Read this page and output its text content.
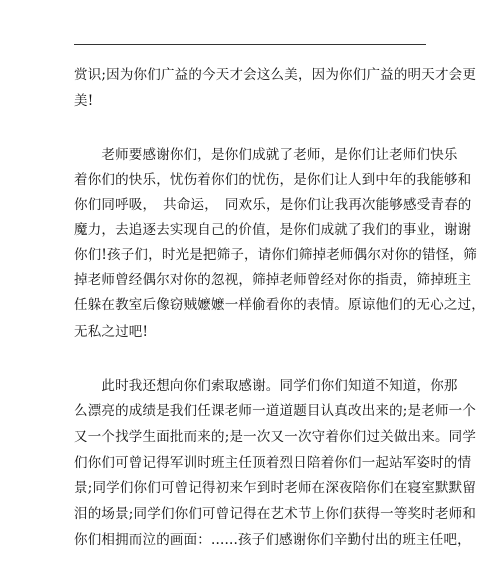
赏识;因为你们广益的今天才会这么美，因为你们广益的明天才会更
美!
　　老师要感谢你们，是你们成就了老师，是你们让老师们快乐
着你们的快乐，忧伤着你们的忧伤，是你们让人到中年的我能够和
你们同呼吸，　共命运，　同欢乐，是你们让我再次能够感受青春的
魔力，去追逐去实现自己的价值，是你们成就了我们的事业，谢谢
你们!孩子们，时光是把筛子，请你们筛掉老师偶尔对你的错怪，筛
掉老师曾经偶尔对你的忽视，筛掉老师曾经对你的指责，筛掉班主
任躲在教室后像窃贼嬷嬷一样偷看你的表情。原谅他们的无心之过，
无私之过吧!
　　此时我还想向你们索取感谢。同学们你们知道不知道，你那
么漂亮的成绩是我们任课老师一道道题目认真改出来的;是老师一个
又一个找学生面批而来的;是一次又一次守着你们过关做出来。同学
们你们可曾记得军训时班主任顶着烈日陪着你们一起站军姿时的情
景;同学们你们可曾记得初来乍到时老师在深夜陪你们在寝室默默留
泪的场景;同学们你们可曾记得在艺术节上你们获得一等奖时老师和
你们相拥而泣的画面：......孩子们感谢你们辛勤付出的班主任吧，
